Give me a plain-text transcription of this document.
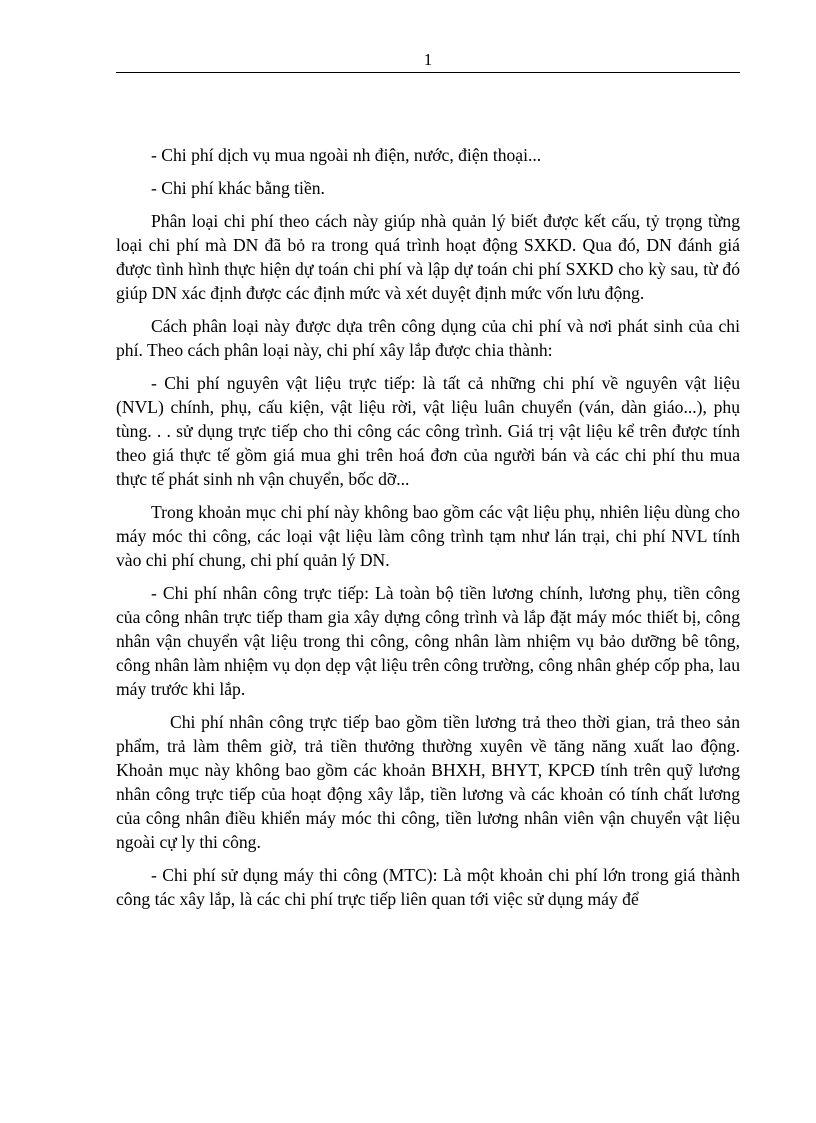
1

- Chi phí dịch vụ mua ngoài nh điện, nước, điện thoại...

- Chi phí khác bằng tiền.

Phân loại chi phí theo cách này giúp nhà quản lý biết được kết cấu, tỷ trọng từng loại chi phí mà DN đã bỏ ra trong quá trình hoạt động SXKD. Qua đó, DN đánh giá được tình hình thực hiện dự toán chi phí và lập dự toán chi phí SXKD cho kỳ sau, từ đó giúp DN xác định được các định mức và xét duyệt định mức vốn lưu động.

Cách phân loại này được dựa trên công dụng của chi phí và nơi phát sinh của chi phí. Theo cách phân loại này, chi phí xây lắp được chia thành:

- Chi phí nguyên vật liệu trực tiếp: là tất cả những chi phí về nguyên vật liệu (NVL) chính, phụ, cấu kiện, vật liệu rời, vật liệu luân chuyển (ván, dàn giáo...), phụ tùng. . . sử dụng trực tiếp cho thi công các công trình. Giá trị vật liệu kể trên được tính theo giá thực tế gồm giá mua ghi trên hoá đơn của người bán và các chi phí thu mua thực tế phát sinh nh vận chuyển, bốc dỡ...

Trong khoản mục chi phí này không bao gồm các vật liệu phụ, nhiên liệu dùng cho máy móc thi công, các loại vật liệu làm công trình tạm như lán trại, chi phí NVL tính vào chi phí chung, chi phí quản lý DN.

- Chi phí nhân công trực tiếp: Là toàn bộ tiền lương chính, lương phụ, tiền công của công nhân trực tiếp tham gia xây dựng công trình và lắp đặt máy móc thiết bị, công nhân vận chuyển vật liệu trong thi công, công nhân làm nhiệm vụ bảo dưỡng bê tông, công nhân làm nhiệm vụ dọn dẹp vật liệu trên công trường, công nhân ghép cốp pha, lau máy trước khi lắp.

Chi phí nhân công trực tiếp bao gồm tiền lương trả theo thời gian, trả theo sản phẩm, trả làm thêm giờ, trả tiền thưởng thường xuyên về tăng năng xuất lao động. Khoản mục này không bao gồm các khoản BHXH, BHYT, KPCĐ tính trên quỹ lương nhân công trực tiếp của hoạt động xây lắp, tiền lương và các khoản có tính chất lương của công nhân điều khiển máy móc thi công, tiền lương nhân viên vận chuyển vật liệu ngoài cự ly thi công.

- Chi phí sử dụng máy thi công (MTC): Là một khoản chi phí lớn trong giá thành công tác xây lắp, là các chi phí trực tiếp liên quan tới việc sử dụng máy để
